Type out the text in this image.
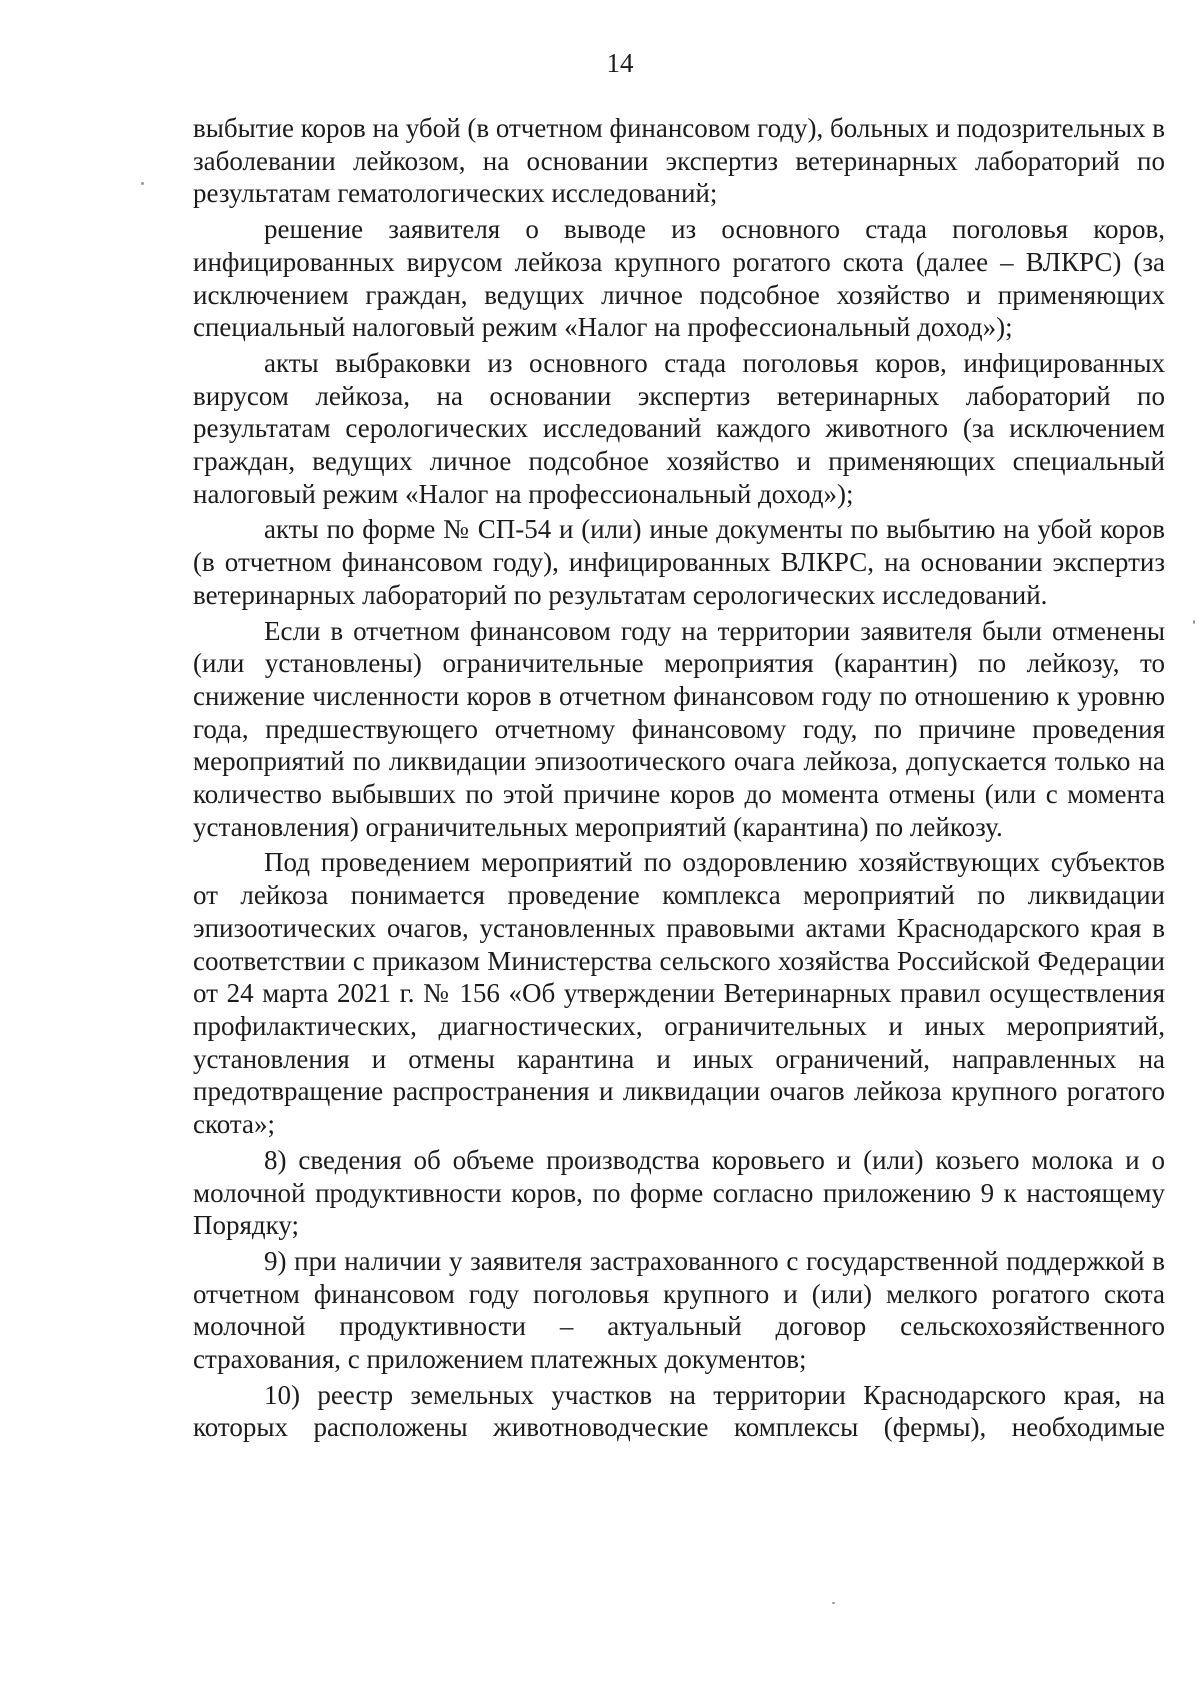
14

выбытие коров на убой (в отчетном финансовом году), больных и подозрительных в заболевании лейкозом, на основании экспертиз ветеринарных лабораторий по результатам гематологических исследований;

решение заявителя о выводе из основного стада поголовья коров, инфицированных вирусом лейкоза крупного рогатого скота (далее – ВЛКРС) (за исключением граждан, ведущих личное подсобное хозяйство и применяющих специальный налоговый режим «Налог на профессиональный доход»);

акты выбраковки из основного стада поголовья коров, инфицированных вирусом лейкоза, на основании экспертиз ветеринарных лабораторий по результатам серологических исследований каждого животного (за исключением граждан, ведущих личное подсобное хозяйство и применяющих специальный налоговый режим «Налог на профессиональный доход»);

акты по форме № СП-54 и (или) иные документы по выбытию на убой коров (в отчетном финансовом году), инфицированных ВЛКРС, на основании экспертиз ветеринарных лабораторий по результатам серологических исследований.

Если в отчетном финансовом году на территории заявителя были отменены (или установлены) ограничительные мероприятия (карантин) по лейкозу, то снижение численности коров в отчетном финансовом году по отношению к уровню года, предшествующего отчетному финансовому году, по причине проведения мероприятий по ликвидации эпизоотического очага лейкоза, допускается только на количество выбывших по этой причине коров до момента отмены (или с момента установления) ограничительных мероприятий (карантина) по лейкозу.

Под проведением мероприятий по оздоровлению хозяйствующих субъектов от лейкоза понимается проведение комплекса мероприятий по ликвидации эпизоотических очагов, установленных правовыми актами Краснодарского края в соответствии с приказом Министерства сельского хозяйства Российской Федерации от 24 марта 2021 г. № 156 «Об утверждении Ветеринарных правил осуществления профилактических, диагностических, ограничительных и иных мероприятий, установления и отмены карантина и иных ограничений, направленных на предотвращение распространения и ликвидации очагов лейкоза крупного рогатого скота»;

8) сведения об объеме производства коровьего и (или) козьего молока и о молочной продуктивности коров, по форме согласно приложению 9 к настоящему Порядку;

9) при наличии у заявителя застрахованного с государственной поддержкой в отчетном финансовом году поголовья крупного и (или) мелкого рогатого скота молочной продуктивности – актуальный договор сельскохозяйственного страхования, с приложением платежных документов;

10) реестр земельных участков на территории Краснодарского края, на которых расположены животноводческие комплексы (фермы), необходимые
